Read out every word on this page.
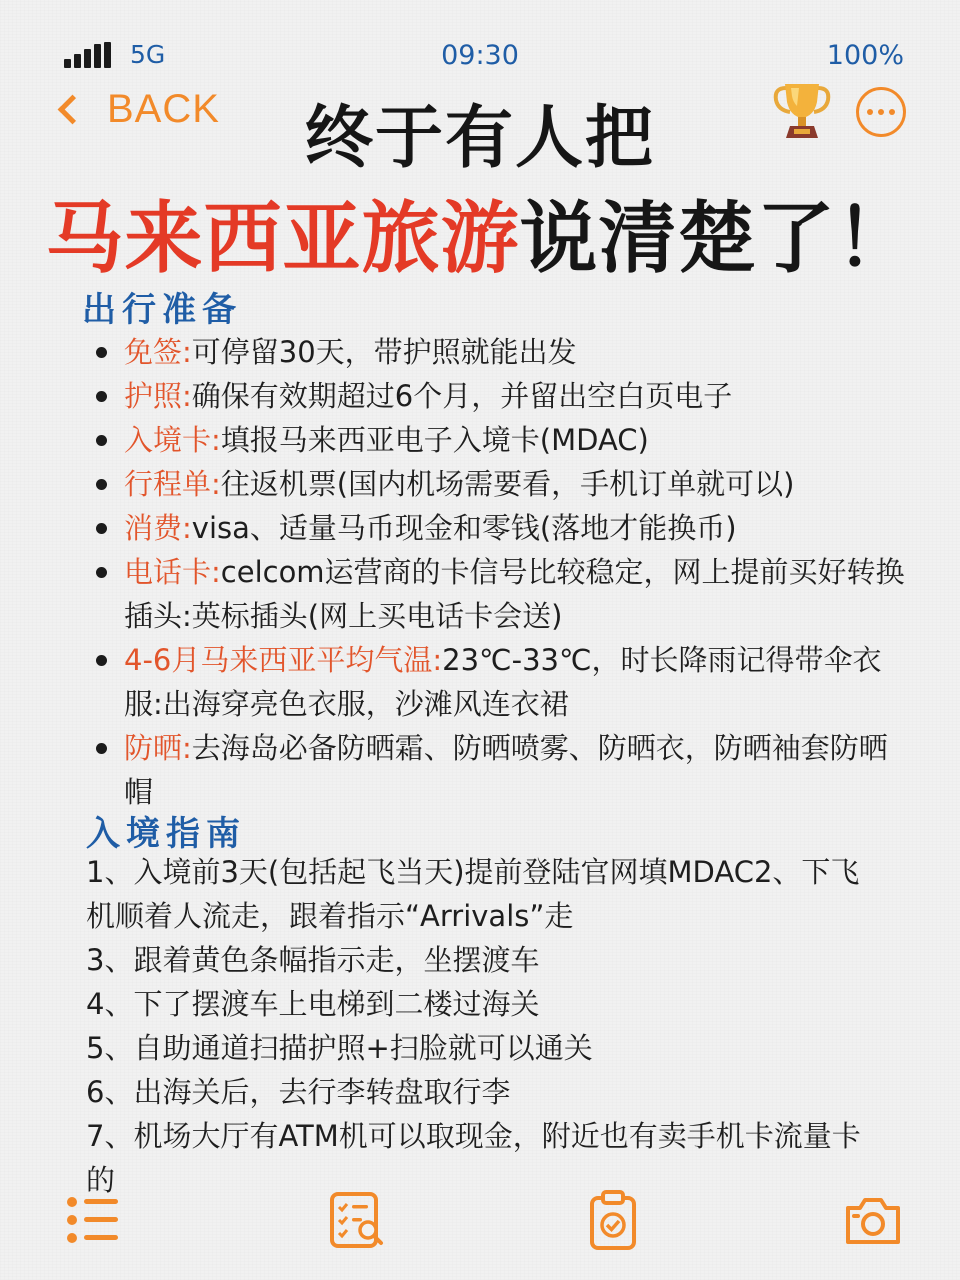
5G	09:30	100%
BACK	终于有人把
马来西亚旅游说清楚了！
出行准备
免签:可停留30天，带护照就能出发
护照:确保有效期超过6个月，并留出空白页电子
入境卡:填报马来西亚电子入境卡(MDAC)
行程单:往返机票(国内机场需要看，手机订单就可以)
消费:visa、适量马币现金和零钱(落地才能换币)
电话卡:celcom运营商的卡信号比较稳定，网上提前买好转换插头:英标插头(网上买电话卡会送)
4-6月马来西亚平均气温:23℃-33℃，时长降雨记得带伞衣服:出海穿亮色衣服，沙滩风连衣裙
防晒:去海岛必备防晒霜、防晒喷雾、防晒衣，防晒袖套防晒帽
入境指南
1、入境前3天(包括起飞当天)提前登陆官网填MDAC2、下飞机顺着人流走，跟着指示“Arrivals”走
3、跟着黄色条幅指示走，坐摆渡车
4、下了摆渡车上电梯到二楼过海关
5、自助通道扫描护照+扫脸就可以通关
6、出海关后，去行李转盘取行李
7、机场大厅有ATM机可以取现金，附近也有卖手机卡流量卡的
